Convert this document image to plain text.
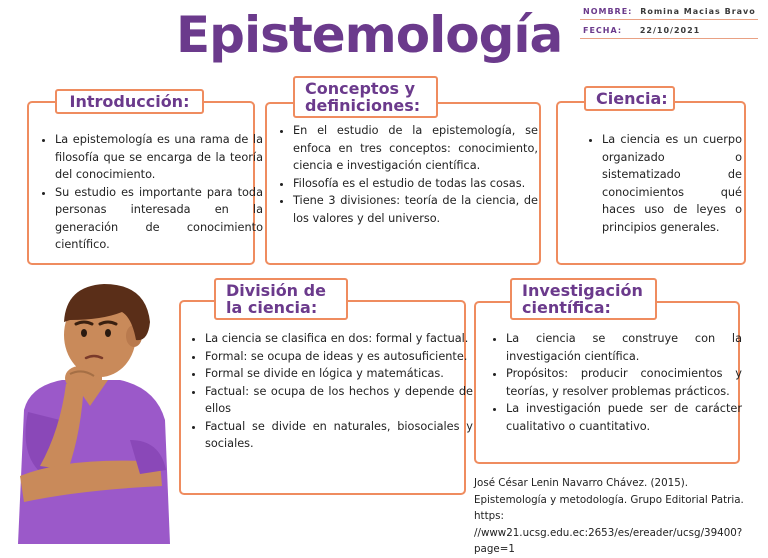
Epistemología	NOMBRE: Romina Macias Bravo
FECHA: 22/10/2021
• La epistemología es una rama de la filosofía que se encarga de la teoría del conocimiento.
• Su estudio es importante para toda personas interesada en la generación de conocimiento científico.
Introducción:
• En el estudio de la epistemología, se enfoca en tres conceptos: conocimiento, ciencia e investigación científica.
• Filosofía es el estudio de todas las cosas.
• Tiene 3 divisiones: teoría de la ciencia, de los valores y del universo.
Conceptos y
definiciones:
• La ciencia es un cuerpo organizado o sistematizado de conocimientos qué haces uso de leyes o principios generales.
Ciencia:
• La ciencia se clasifica en dos: formal y factual.
• Formal: se ocupa de ideas y es autosuficiente.
• Formal se divide en lógica y matemáticas.
• Factual: se ocupa de los hechos y depende de ellos
• Factual se divide en naturales, biosociales y sociales.
División de
la ciencia:
• La ciencia se construye con la investigación científica.
• Propósitos: producir conocimientos y teorías, y resolver problemas prácticos.
• La investigación puede ser de carácter cualitativo o cuantitativo.
Investigación
científica:
José César Lenin Navarro Chávez. (2015). Epistemología y metodología. Grupo Editorial Patria. https: //www21.ucsg.edu.ec:2653/es/ereader/ucsg/39400?page=1
